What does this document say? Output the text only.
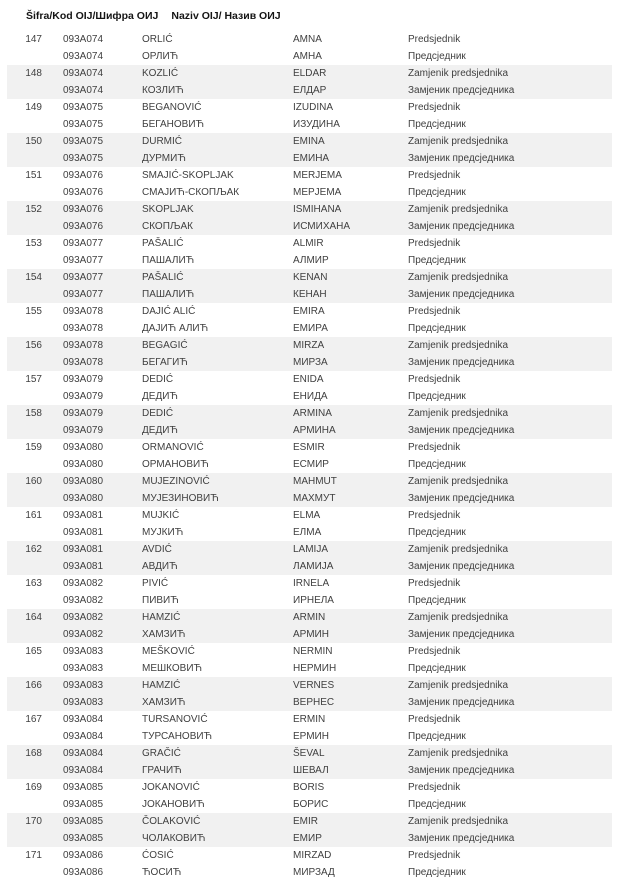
Šifra/Kod OIJ/Шифра ОИЈ Naziv OIJ/ Назив ОИЈ
147 093A074	ORLIĆ	AMNA	Predsjednik
093A074	ОРЛИЋ	АМНА	Предсједник
148 093A074	KOZLIĆ	ELDAR	Zamjenik predsjednika
093A074	КОЗЛИЋ	ЕЛДАР	Замјеник предсједника
149 093A075	BEGANOVIĆ	IZUDINA	Predsjednik
093A075	БЕГАНОВИЋ	ИЗУДИНА	Предсједник
150 093A075	DURMIĆ	EMINA	Zamjenik predsjednika
093A075	ДУРМИЋ	ЕМИНА	Замјеник предсједника
151 093A076	SMAJIĆ-SKOPLJAK	MERJEMA	Predsjednik
093A076	СМАЈИЋ-СКОПЉАК	МЕРЈЕМА	Предсједник
152 093A076	SKOPLJAK	ISMIHANA	Zamjenik predsjednika
093A076	СКОПЉАК	ИСМИХАНА	Замјеник предсједника
153 093A077	PAŠALIĆ	ALMIR	Predsjednik
093A077	ПАШАЛИЋ	АЛМИР	Предсједник
154 093A077	PAŠALIĆ	KENAN	Zamjenik predsjednika
093A077	ПАШАЛИЋ	КЕНАН	Замјеник предсједника
155 093A078	DAJIĆ ALIĆ	EMIRA	Predsjednik
093A078	ДАЈИЋ АЛИЋ	ЕМИРА	Предсједник
156 093A078	BEGAGIĆ	MIRZA	Zamjenik predsjednika
093A078	БЕГАГИЋ	МИРЗА	Замјеник предсједника
157 093A079	DEDIĆ	ENIDA	Predsjednik
093A079	ДЕДИЋ	ЕНИДА	Предсједник
158 093A079	DEDIĆ	ARMINA	Zamjenik predsjednika
093A079	ДЕДИЋ	АРМИНА	Замјеник предсједника
159 093A080	ORMANOVIĆ	ESMIR	Predsjednik
093A080	ОРМАНОВИЋ	ЕСМИР	Предсједник
160 093A080	MUJEZINOVIĆ	MAHMUT	Zamjenik predsjednika
093A080	МУЈЕЗИНОВИЋ	МАХМУТ	Замјеник предсједника
161 093A081	MUJKIĆ	ELMA	Predsjednik
093A081	МУЈКИЋ	ЕЛМА	Предсједник
162 093A081	AVDIĆ	LAMIJA	Zamjenik predsjednika
093A081	АВДИЋ	ЛАМИЈА	Замјеник предсједника
163 093A082	PIVIĆ	IRNELA	Predsjednik
093A082	ПИВИЋ	ИРНЕЛА	Предсједник
164 093A082	HAMZIĆ	ARMIN	Zamjenik predsjednika
093A082	ХАМЗИЋ	АРМИН	Замјеник предсједника
165 093A083	MEŠKOVIĆ	NERMIN	Predsjednik
093A083	МЕШКОВИЋ	НЕРМИН	Предсједник
166 093A083	HAMZIĆ	VERNES	Zamjenik predsjednika
093A083	ХАМЗИЋ	ВЕРНЕС	Замјеник предсједника
167 093A084	TURSANOVIĆ	ERMIN	Predsjednik
093A084	ТУРСАНОВИЋ	ЕРМИН	Предсједник
168 093A084	GRAČIĆ	ŠEVAL	Zamjenik predsjednika
093A084	ГРАЧИЋ	ШЕВАЛ	Замјеник предсједника
169 093A085	JOKANOVIĆ	BORIS	Predsjednik
093A085	ЈОКАНОВИЋ	БОРИС	Предсједник
170 093A085	ČOLAKOVIĆ	EMIR	Zamjenik predsjednika
093A085	ЧОЛАКОВИЋ	ЕМИР	Замјеник предсједника
171 093A086	ĆOSIĆ	MIRZAD	Predsjednik
093A086	ЋОСИЋ	МИРЗАД	Предсједник
